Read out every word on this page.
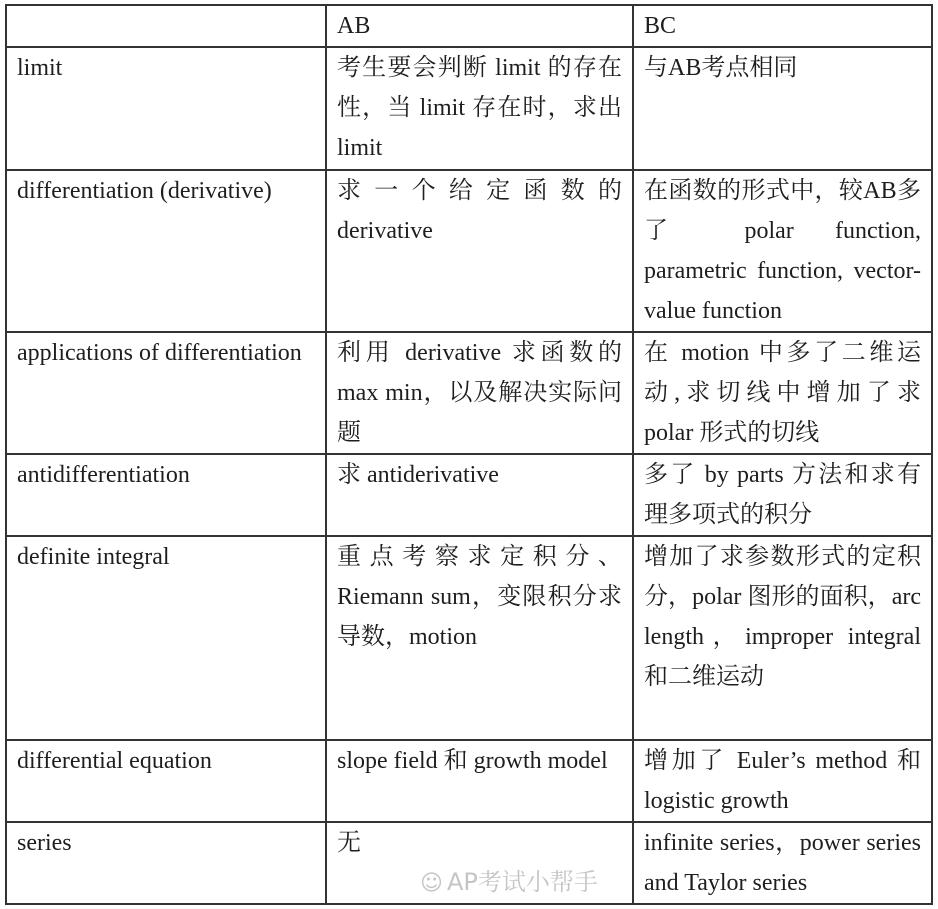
	AB	BC
limit	考生要会判断 limit 的存在性，当 limit 存在时，求出 limit	与AB考点相同
differentiation (derivative)	求一个给定函数的 derivative	在函数的形式中，较AB多了 polar function, parametric function, vector-value function
applications of differentiation	利用 derivative 求函数的 max min，以及解决实际问题	在 motion 中多了二维运动,求切线中增加了求 polar 形式的切线
antidifferentiation	求 antiderivative	多了 by parts 方法和求有理多项式的积分
definite integral	重点考察求定积分、Riemann sum，变限积分求导数，motion	增加了求参数形式的定积分，polar 图形的面积，arc length，improper integral 和二维运动
differential equation	slope field 和 growth model	增加了 Euler’s method 和 logistic growth
series	无	infinite series，power series and Taylor series
☺ AP考试小帮手
